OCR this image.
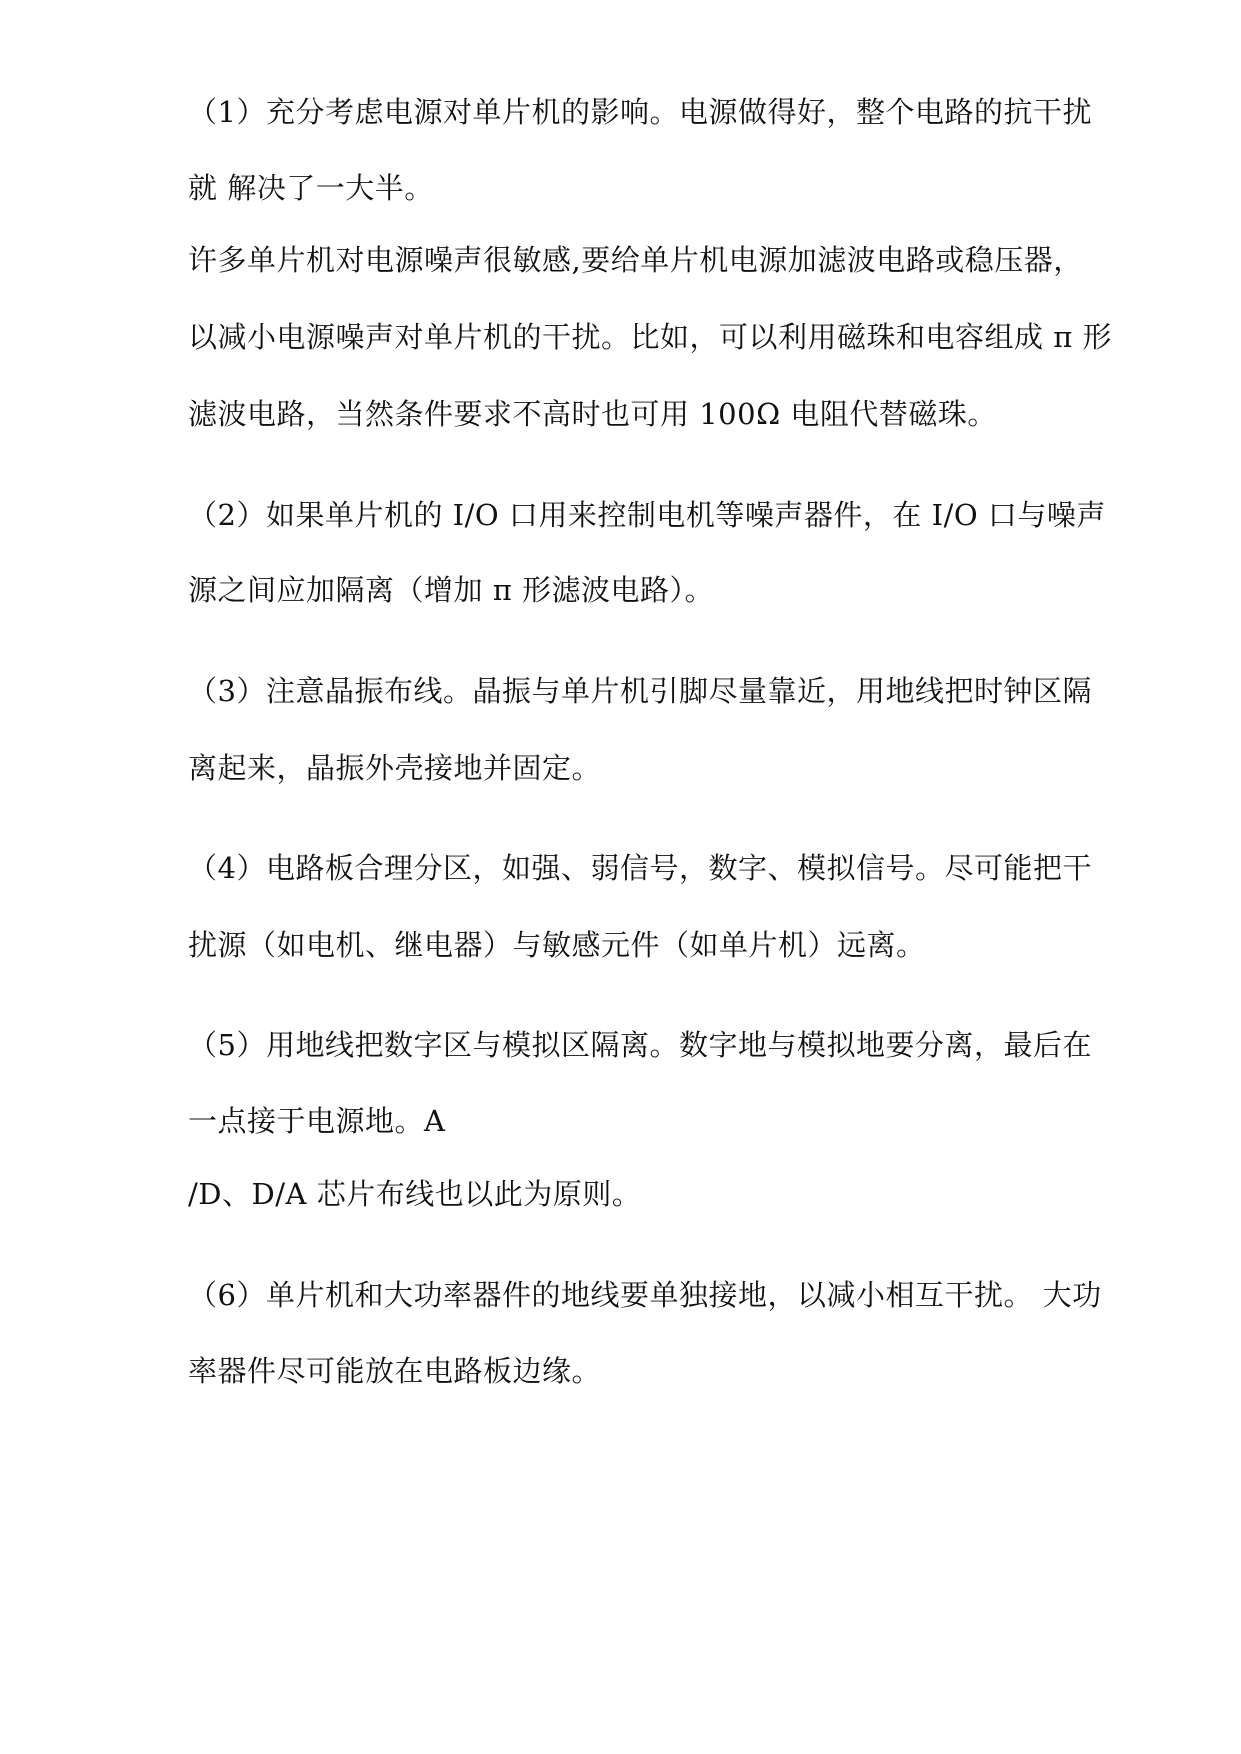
（1）充分考虑电源对单片机的影响。电源做得好，整个电路的抗干扰
就 解决了一大半。
许多单片机对电源噪声很敏感,要给单片机电源加滤波电路或稳压器，
以减小电源噪声对单片机的干扰。比如，可以利用磁珠和电容组成 π 形
滤波电路，当然条件要求不高时也可用 100Ω 电阻代替磁珠。
（2）如果单片机的 I/O 口用来控制电机等噪声器件，在 I/O 口与噪声
源之间应加隔离（增加 π 形滤波电路）。
（3）注意晶振布线。晶振与单片机引脚尽量靠近，用地线把时钟区隔
离起来，晶振外壳接地并固定。
（4）电路板合理分区，如强、弱信号，数字、模拟信号。尽可能把干
扰源（如电机、继电器）与敏感元件（如单片机）远离。
（5）用地线把数字区与模拟区隔离。数字地与模拟地要分离，最后在
一点接于电源地。A
/D、D/A 芯片布线也以此为原则。
（6）单片机和大功率器件的地线要单独接地，以减小相互干扰。 大功
率器件尽可能放在电路板边缘。
